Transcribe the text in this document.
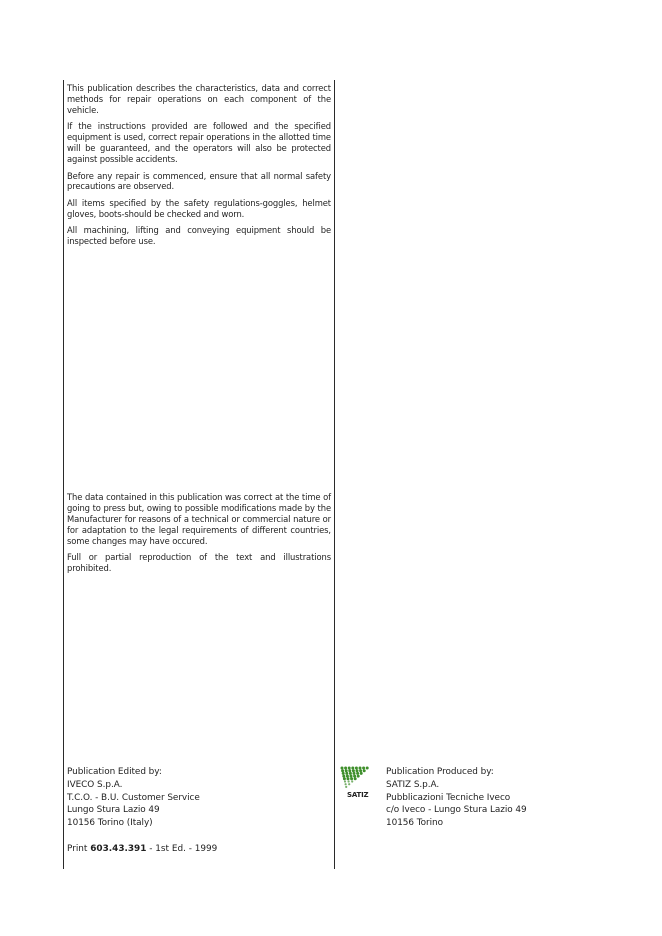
This publication describes the characteristics, data and correct methods for repair operations on each component of the vehicle.

If the instructions provided are followed and the specified equipment is used, correct repair operations in the allotted time will be guaranteed, and the operators will also be protected against possible accidents.

Before any repair is commenced, ensure that all normal safety precautions are observed.

All items specified by the safety regulations-goggles, helmet gloves, boots-should be checked and worn.

All machining, lifting and conveying equipment should be inspected before use.

The data contained in this publication was correct at the time of going to press but, owing to possible modifications made by the Manufacturer for reasons of a technical or commercial nature or for adaptation to the legal requirements of different countries, some changes may have occured.

Full or partial reproduction of the text and illustrations prohibited.

Publication Edited by:
IVECO S.p.A.
T.C.O. - B.U. Customer Service
Lungo Stura Lazio 49
10156 Torino (Italy)
Print 603.43.391 - 1st Ed. - 1999
SATIZ
Publication Produced by:
SATIZ S.p.A.
Pubblicazioni Tecniche Iveco
c/o Iveco - Lungo Stura Lazio 49
10156 Torino
